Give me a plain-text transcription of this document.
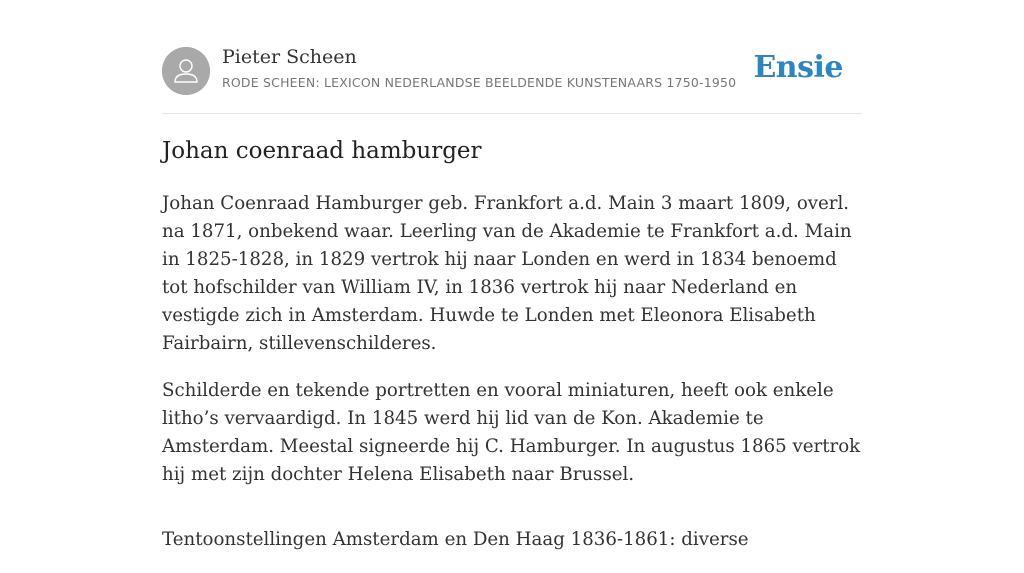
Pieter Scheen
RODE SCHEEN: LEXICON NEDERLANDSE BEELDENDE KUNSTENAARS 1750-1950 Ensie
Johan coenraad hamburger

Johan Coenraad Hamburger geb. Frankfort a.d. Main 3 maart 1809, overl. na 1871, onbekend waar. Leerling van de Akademie te Frankfort a.d. Main in 1825-1828, in 1829 vertrok hij naar Londen en werd in 1834 benoemd tot hofschilder van William IV, in 1836 vertrok hij naar Nederland en vestigde zich in Amsterdam. Huwde te Londen met Eleonora Elisabeth Fairbairn, stillevenschilderes.

Schilderde en tekende portretten en vooral miniaturen, heeft ook enkele litho’s vervaardigd. In 1845 werd hij lid van de Kon. Akademie te Amsterdam. Meestal signeerde hij C. Hamburger. In augustus 1865 vertrok hij met zijn dochter Helena Elisabeth naar Brussel.

Tentoonstellingen Amsterdam en Den Haag 1836-1861: diverse
